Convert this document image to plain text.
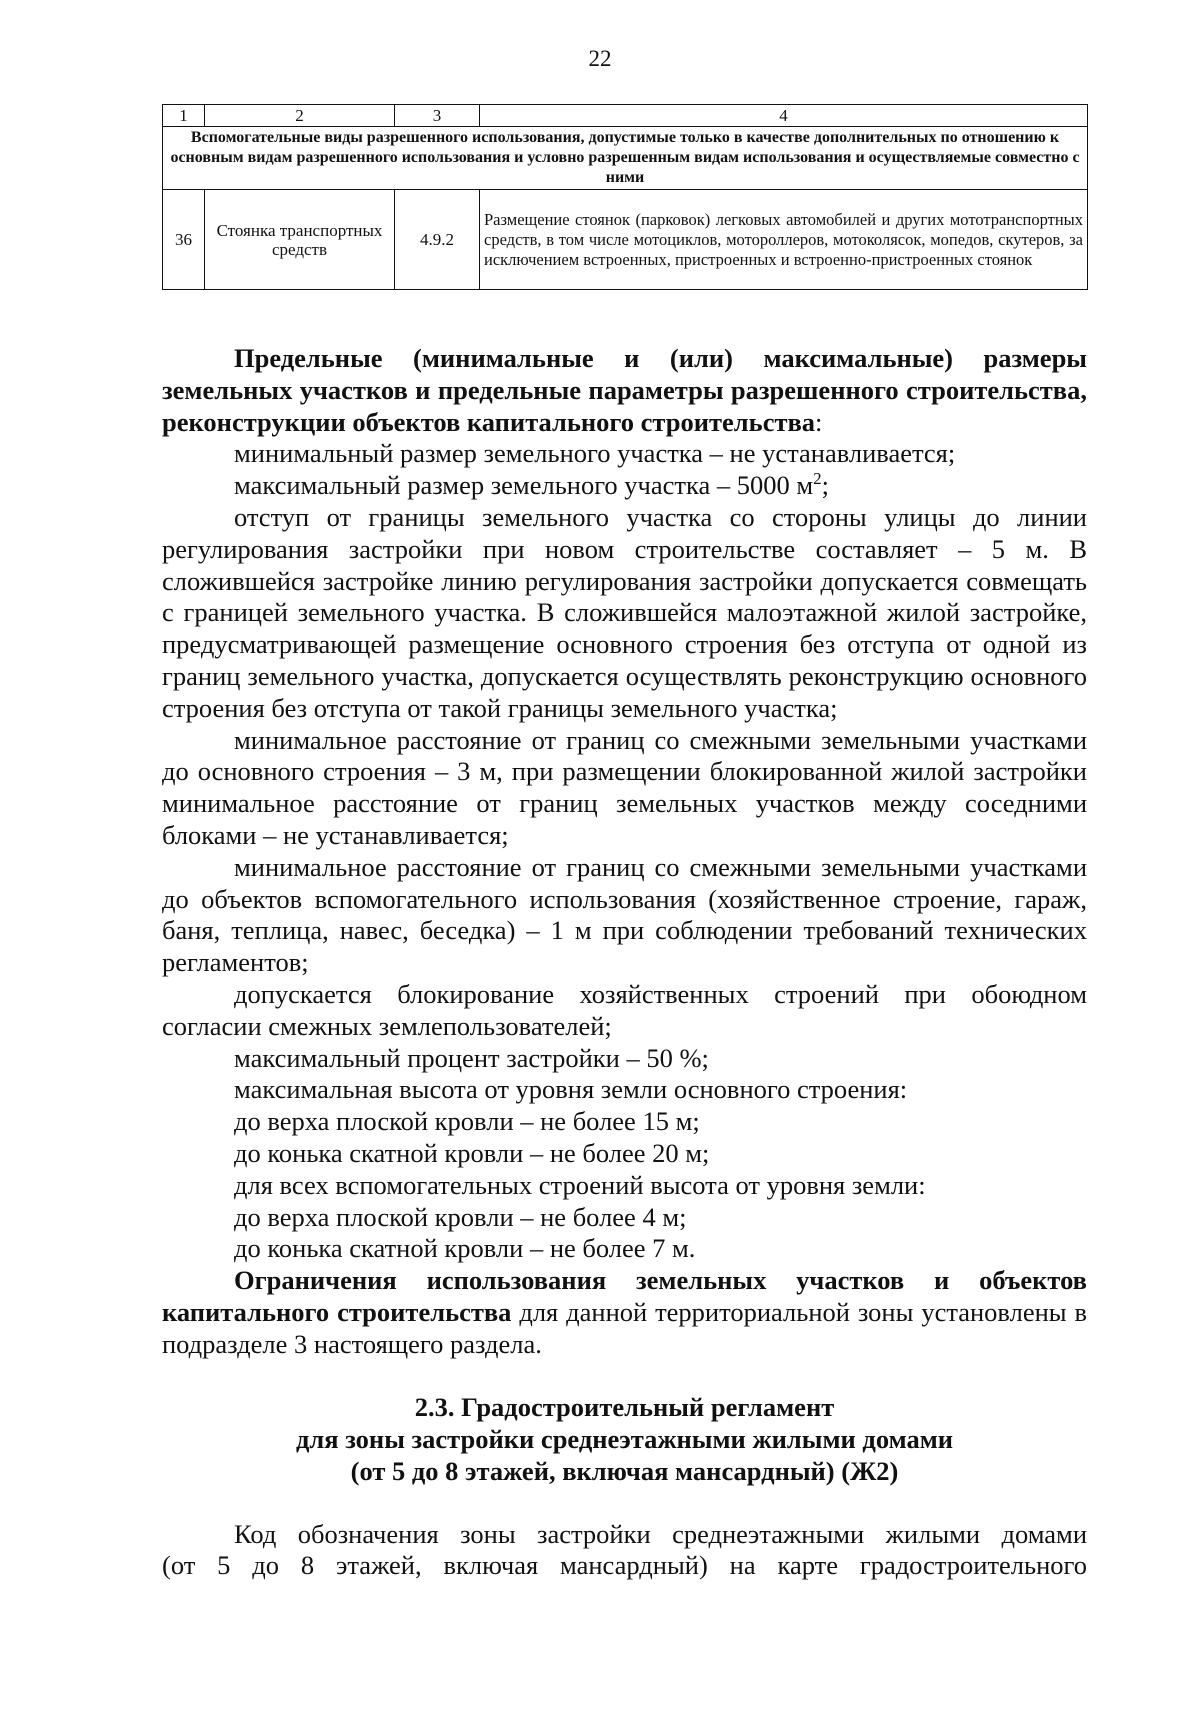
22
1	2	3	4
Вспомогательные виды разрешенного использования, допустимые только в качестве дополнительных по отношению к основным видам разрешенного использования и условно разрешенным видам использования и осуществляемые совместно с ними			
36	Стоянка транспортных средств	4.9.2	Размещение стоянок (парковок) легковых автомобилей и других мототранспортных средств, в том числе мотоциклов, мотороллеров, мотоколясок, мопедов, скутеров, за исключением встроенных, пристроенных и встроенно-пристроенных стоянок

Предельные (минимальные и (или) максимальные) размеры земельных участков и предельные параметры разрешенного строительства, реконструкции объектов капитального строительства:

минимальный размер земельного участка – не устанавливается;

максимальный размер земельного участка – 5000 $м^2$;

отступ от границы земельного участка со стороны улицы до линии регулирования застройки при новом строительстве составляет – 5 м. В сложившейся застройке линию регулирования застройки допускается совмещать с границей земельного участка. В сложившейся малоэтажной жилой застройке, предусматривающей размещение основного строения без отступа от одной из границ земельного участка, допускается осуществлять реконструкцию основного строения без отступа от такой границы земельного участка;

минимальное расстояние от границ со смежными земельными участками до основного строения – 3 м, при размещении блокированной жилой застройки минимальное расстояние от границ земельных участков между соседними блоками – не устанавливается;

минимальное расстояние от границ со смежными земельными участками до объектов вспомогательного использования (хозяйственное строение, гараж, баня, теплица, навес, беседка) – 1 м при соблюдении требований технических регламентов;

допускается блокирование хозяйственных строений при обоюдном согласии смежных землепользователей;

максимальный процент застройки – 50 %;

максимальная высота от уровня земли основного строения:

до верха плоской кровли – не более 15 м;

до конька скатной кровли – не более 20 м;

для всех вспомогательных строений высота от уровня земли:

до верха плоской кровли – не более 4 м;

до конька скатной кровли – не более 7 м.

Ограничения использования земельных участков и объектов капитального строительства для данной территориальной зоны установлены в подразделе 3 настоящего раздела.

2.3. Градостроительный регламент
для зоны застройки среднеэтажными жилыми домами
(от 5 до 8 этажей, включая мансардный) (Ж2)

Код обозначения зоны застройки среднеэтажными жилыми домами

(от 5 до 8 этажей, включая мансардный) на карте градостроительного
